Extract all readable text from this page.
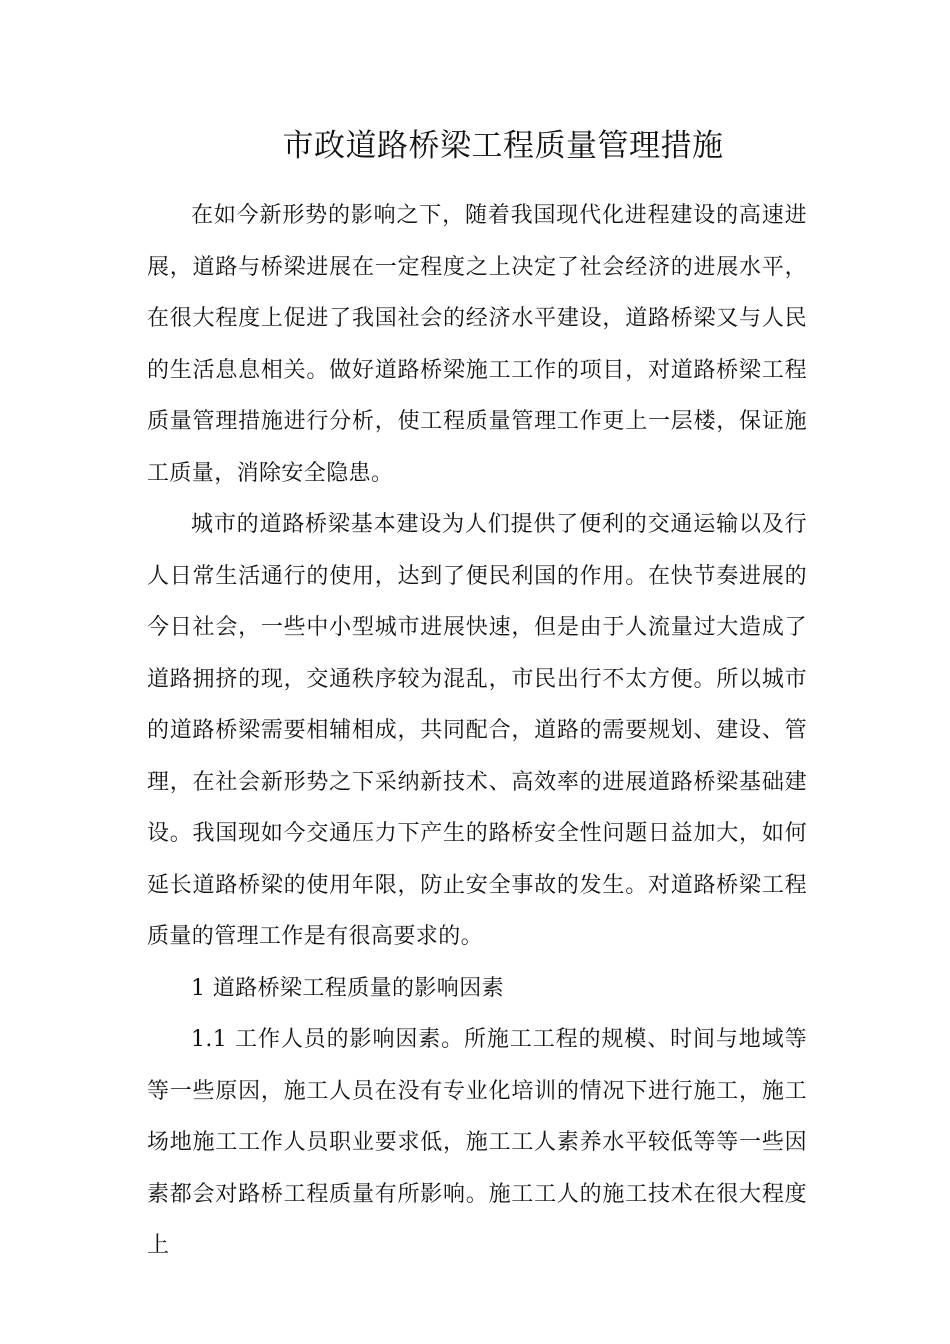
市政道路桥梁工程质量管理措施

在如今新形势的影响之下，随着我国现代化进程建设的高速进展，道路与桥梁进展在一定程度之上决定了社会经济的进展水平，在很大程度上促进了我国社会的经济水平建设，道路桥梁又与人民的生活息息相关。做好道路桥梁施工工作的项目，对道路桥梁工程质量管理措施进行分析，使工程质量管理工作更上一层楼，保证施工质量，消除安全隐患。

城市的道路桥梁基本建设为人们提供了便利的交通运输以及行人日常生活通行的使用，达到了便民利国的作用。在快节奏进展的今日社会，一些中小型城市进展快速，但是由于人流量过大造成了道路拥挤的现，交通秩序较为混乱，市民出行不太方便。所以城市的道路桥梁需要相辅相成，共同配合，道路的需要规划、建设、管理，在社会新形势之下采纳新技术、高效率的进展道路桥梁基础建设。我国现如今交通压力下产生的路桥安全性问题日益加大，如何延长道路桥梁的使用年限，防止安全事故的发生。对道路桥梁工程质量的管理工作是有很高要求的。

1 道路桥梁工程质量的影响因素

1.1 工作人员的影响因素。所施工工程的规模、时间与地域等等一些原因，施工人员在没有专业化培训的情况下进行施工，施工场地施工工作人员职业要求低，施工工人素养水平较低等等一些因素都会对路桥工程质量有所影响。施工工人的施工技术在很大程度上
